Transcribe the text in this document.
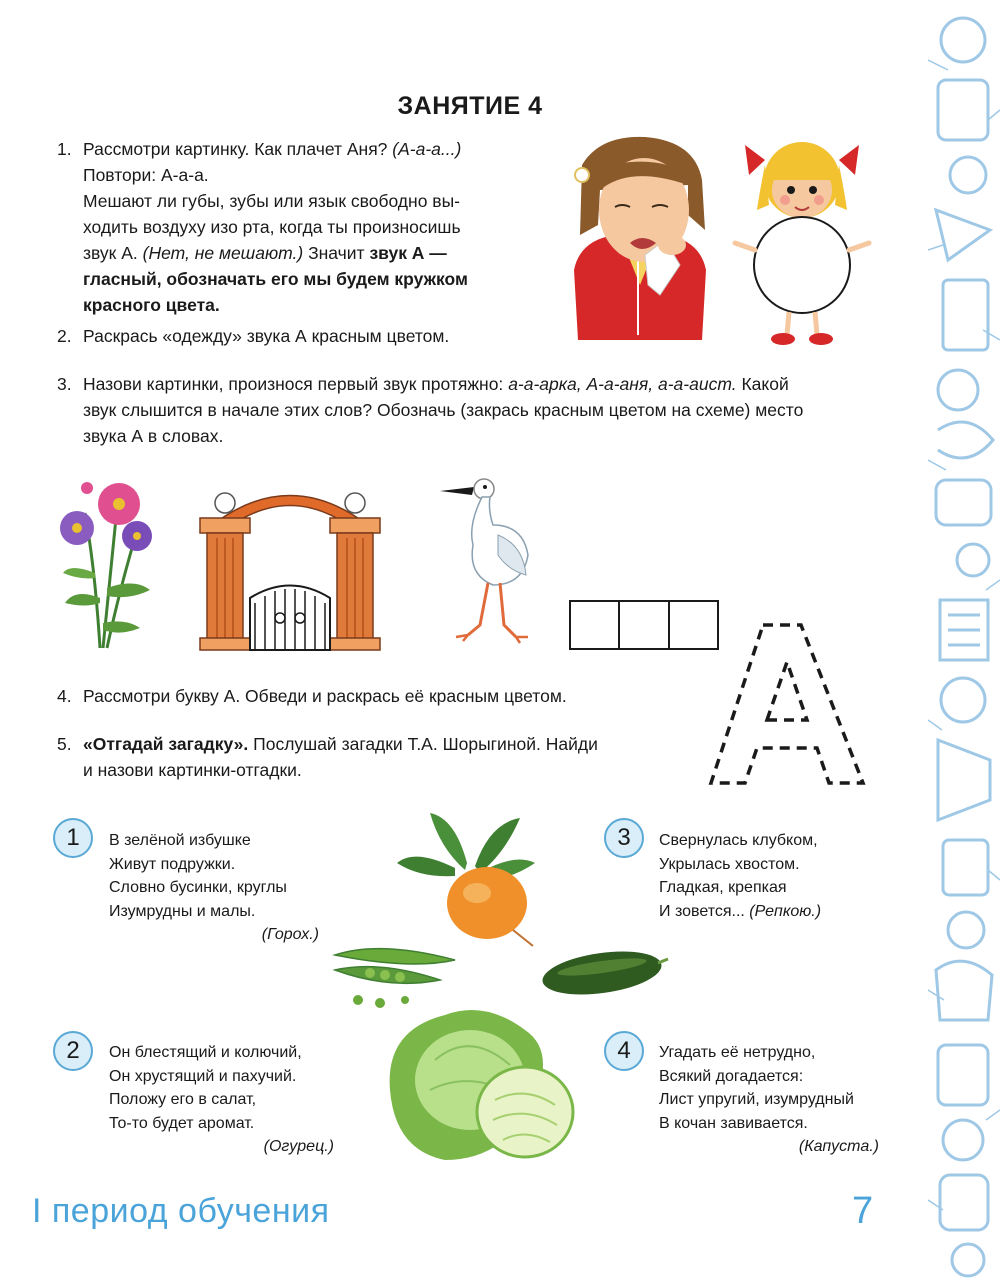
ЗАНЯТИЕ 4
1. Рассмотри картинку. Как плачет Аня? (А-а-а...)
Повтори: А-а-а.
Мешают ли губы, зубы или язык свободно вы-
ходить воздуху изо рта, когда ты произносишь
звук А. (Нет, не мешают.) Значит звук А —
гласный, обозначать его мы будем кружком
красного цвета.
2. Раскрась «одежду» звука А красным цветом.
3. Назови картинки, произнося первый звук протяжно: а-а-арка, А-а-аня, а-а-аист. Какой
звук слышится в начале этих слов? Обозначь (закрась красным цветом на схеме) место
звука А в словах.
4. Рассмотри букву А. Обведи и раскрась её красным цветом.
5. «Отгадай загадку». Послушай загадки Т.А. Шорыгиной. Найди
и назови картинки-отгадки.
1	В зелёной избушке
Живут подружки.
Словно бусинки, круглы
Изумрудны и малы.
(Горох.)
2	Он блестящий и колючий,
Он хрустящий и пахучий.
Положу его в салат,
То-то будет аромат.
(Огурец.)
3	Свернулась клубком,
Укрылась хвостом.
Гладкая, крепкая
И зовется... (Репкою.)
4	Угадать её нетрудно,
Всякий догадается:
Лист упругий, изумрудный
В кочан завивается.
(Капуста.)
I период обучения	7
